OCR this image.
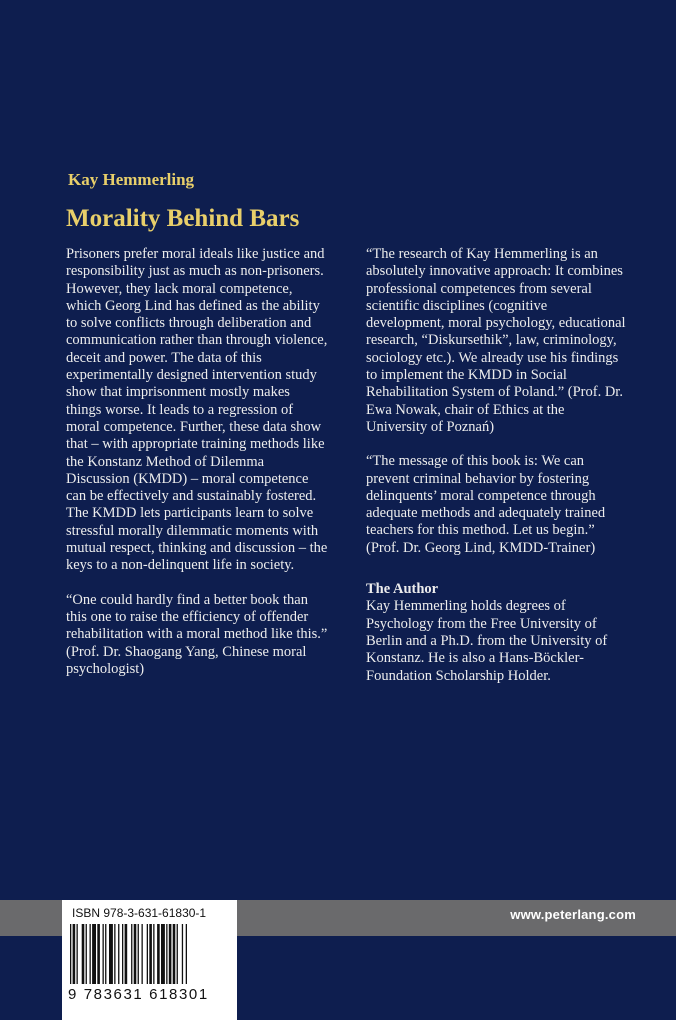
Kay Hemmerling
Morality Behind Bars

Prisoners prefer moral ideals like justice and responsibility just as much as non-prisoners. However, they lack moral competence, which Georg Lind has defined as the ability to solve conflicts through deliberation and communication rather than through violence, deceit and power. The data of this experimentally designed intervention study show that imprisonment mostly makes things worse. It leads to a regression of moral competence. Further, these data show that – with appropriate training methods like the Konstanz Method of Dilemma Discussion (KMDD) – moral competence can be effectively and sustainably fostered. The KMDD lets participants learn to solve stressful morally dilemmatic moments with mutual respect, thinking and discussion – the keys to a non-delinquent life in society.

“One could hardly find a better book than this one to raise the efficiency of offender rehabilitation with a moral method like this.” (Prof. Dr. Shaogang Yang, Chinese moral psychologist)

“The research of Kay Hemmerling is an absolutely innovative approach: It combines professional competences from several scientific disciplines (cognitive development, moral psychology, educational research, “Diskursethik”, law, criminology, sociology etc.). We already use his findings to implement the KMDD in Social Rehabilitation System of Poland.” (Prof. Dr. Ewa Nowak, chair of Ethics at the University of Poznań)

“The message of this book is: We can prevent criminal behavior by fostering delinquents’ moral competence through adequate methods and adequately trained teachers for this method. Let us begin.” (Prof. Dr. Georg Lind, KMDD-Trainer)

The Author
Kay Hemmerling holds degrees of Psychology from the Free University of Berlin and a Ph.D. from the University of Konstanz. He is also a Hans-Böckler-Foundation Scholarship Holder.
www.peterlang.com
ISBN 978-3-631-61830-1
9 783631 618301
